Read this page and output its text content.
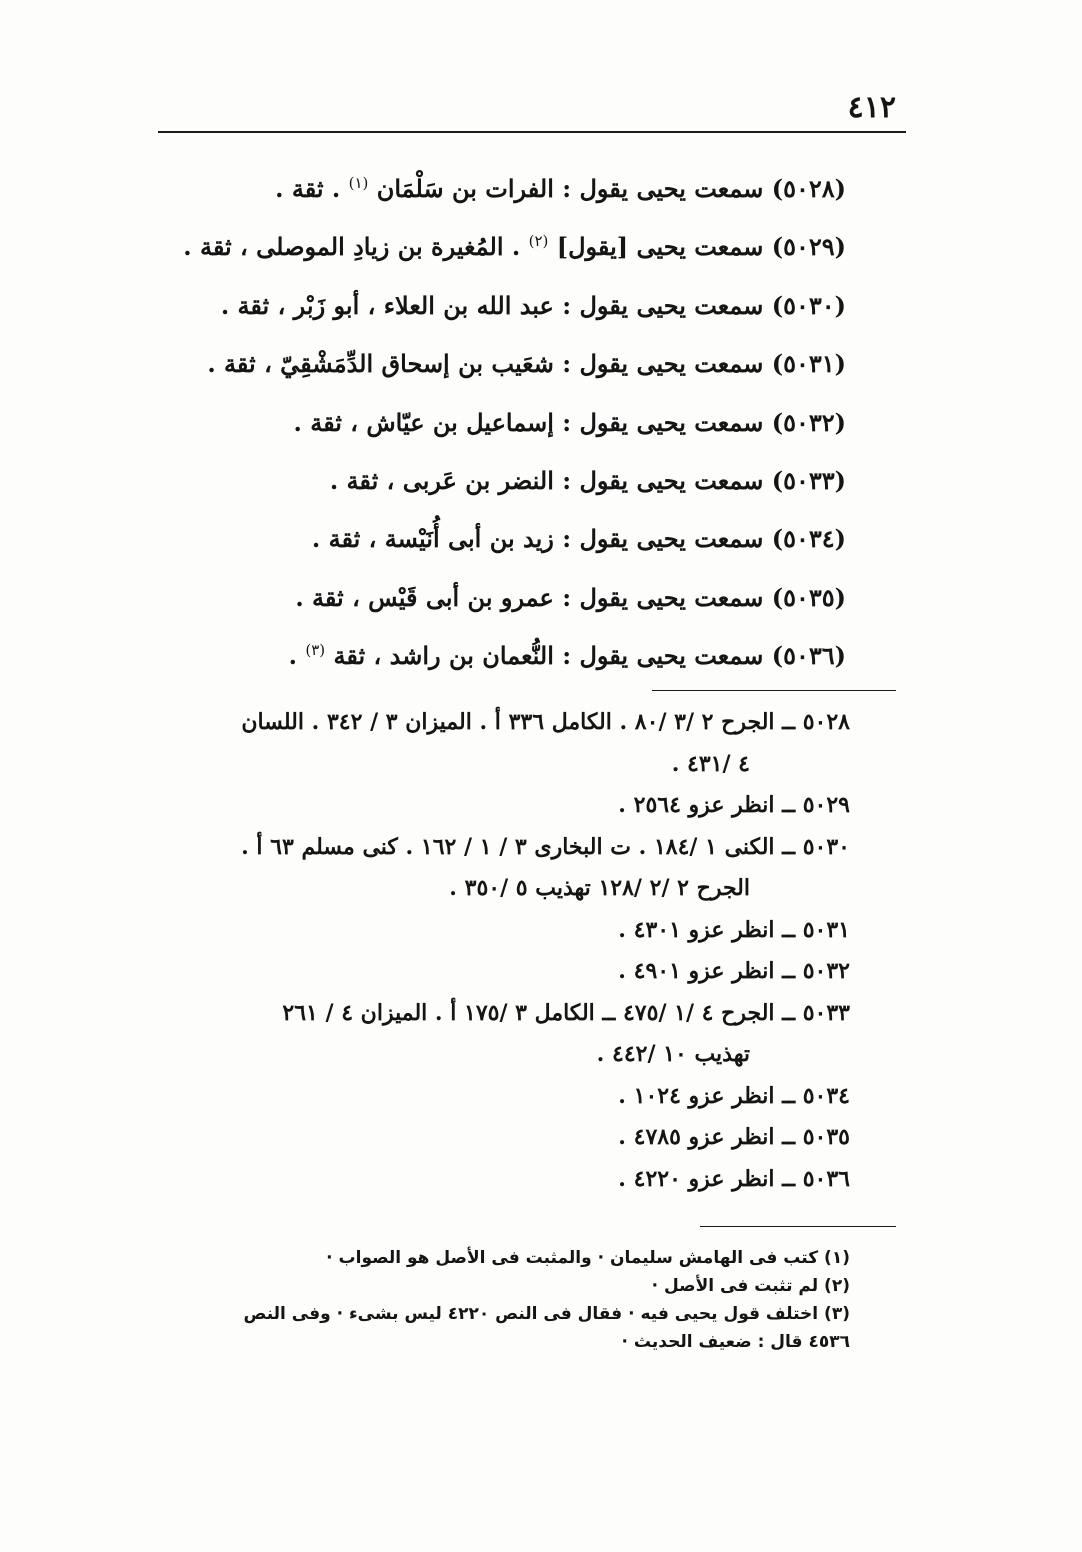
٤١٢
(٥٠٢٨) سمعت يحيى يقول : الفرات بن سَلْمَان $^{(١)}$ . ثقة .
(٥٠٢٩) سمعت يحيى [يقول] $^{(٢)}$ . المُغيرة بن زيادِ الموصلى ، ثقة .
(٥٠٣٠) سمعت يحيى يقول : عبد الله بن العلاء ، أبو زَبْر ، ثقة .
(٥٠٣١) سمعت يحيى يقول : شعَيب بن إسحاق الدِّمَشْقِيّ ، ثقة .
(٥٠٣٢) سمعت يحيى يقول : إسماعيل بن عيّاش ، ثقة .
(٥٠٣٣) سمعت يحيى يقول : النضر بن عَربى ، ثقة .
(٥٠٣٤) سمعت يحيى يقول : زيد بن أبى أُنَيْسة ، ثقة .
(٥٠٣٥) سمعت يحيى يقول : عمرو بن أبى قَيْس ، ثقة .
(٥٠٣٦) سمعت يحيى يقول : النُّعمان بن راشد ، ثقة $^{(٣)}$ .
٥٠٢٨ ــ الجرح ٢ /٣ /٨٠ . الكامل ٣٣٦ أ . الميزان ٣ / ٣٤٢ . اللسان
٤ /٤٣١ .
٥٠٢٩ ــ انظر عزو ٢٥٦٤ .
٥٠٣٠ ــ الكنى ١ /١٨٤ . ت البخارى ٣ / ١ / ١٦٢ . كنى مسلم ٦٣ أ .
الجرح ٢ /٢ /١٢٨ تهذيب ٥ /٣٥٠ .
٥٠٣١ ــ انظر عزو ٤٣٠١ .
٥٠٣٢ ــ انظر عزو ٤٩٠١ .
٥٠٣٣ ــ الجرح ٤ /١ /٤٧٥ ــ الكامل ٣ /١٧٥ أ . الميزان ٤ / ٢٦١
تهذيب ١٠ /٤٤٢ .
٥٠٣٤ ــ انظر عزو ١٠٢٤ .
٥٠٣٥ ــ انظر عزو ٤٧٨٥ .
٥٠٣٦ ــ انظر عزو ٤٢٢٠ .
(١) كتب فى الهامش سليمان · والمثبت فى الأصل هو الصواب ·
(٢) لم تثبت فى الأصل ·
(٣) اختلف قول يحيى فيه · فقال فى النص ٤٢٢٠ ليس بشىء · وفى النص
٤٥٣٦ قال : ضعيف الحديث ·
